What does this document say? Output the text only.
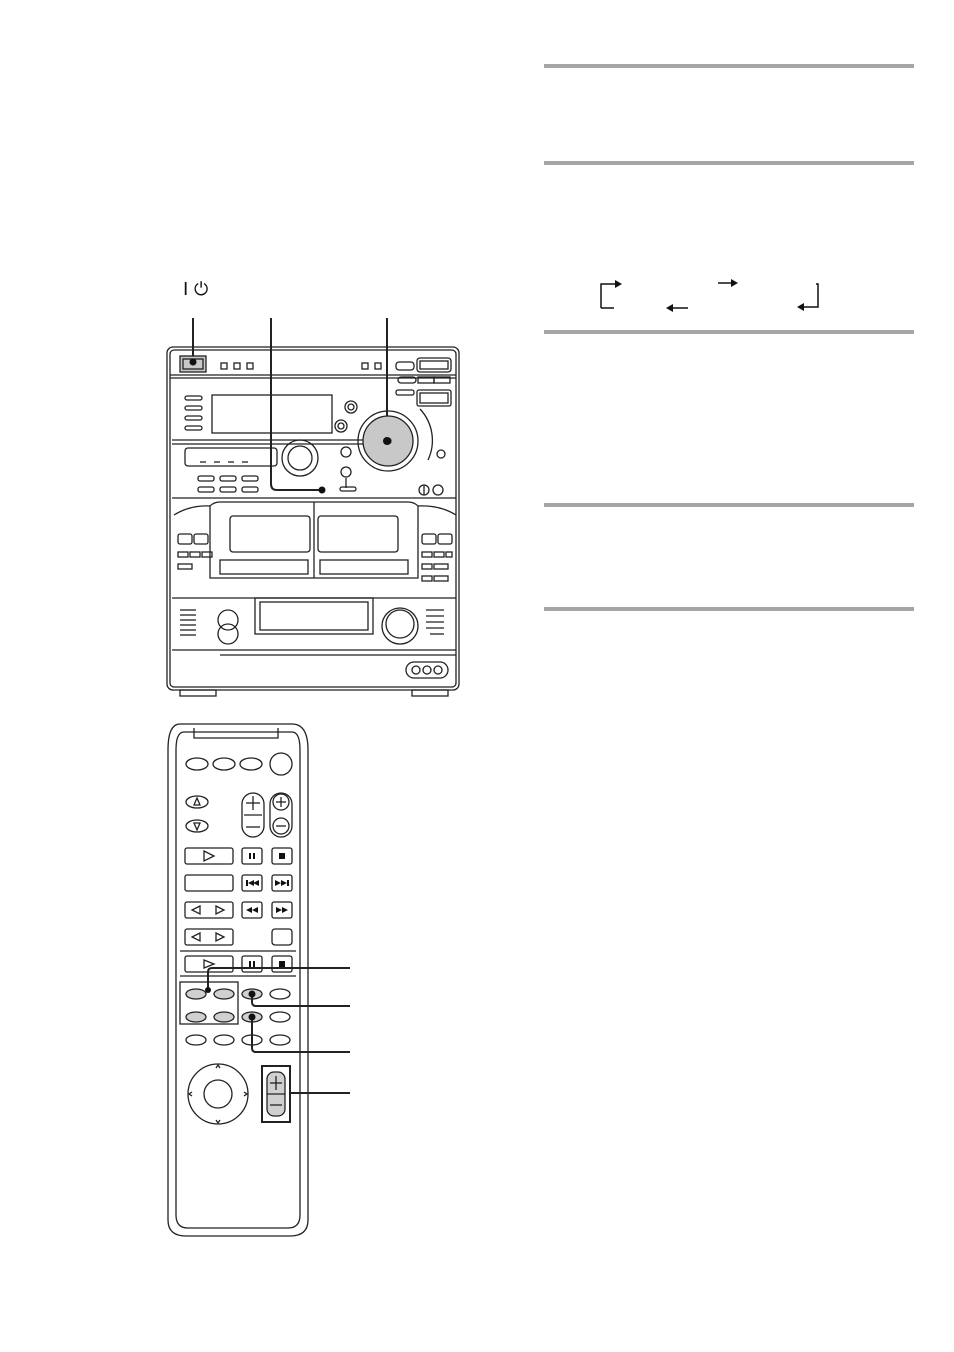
I ⏻
